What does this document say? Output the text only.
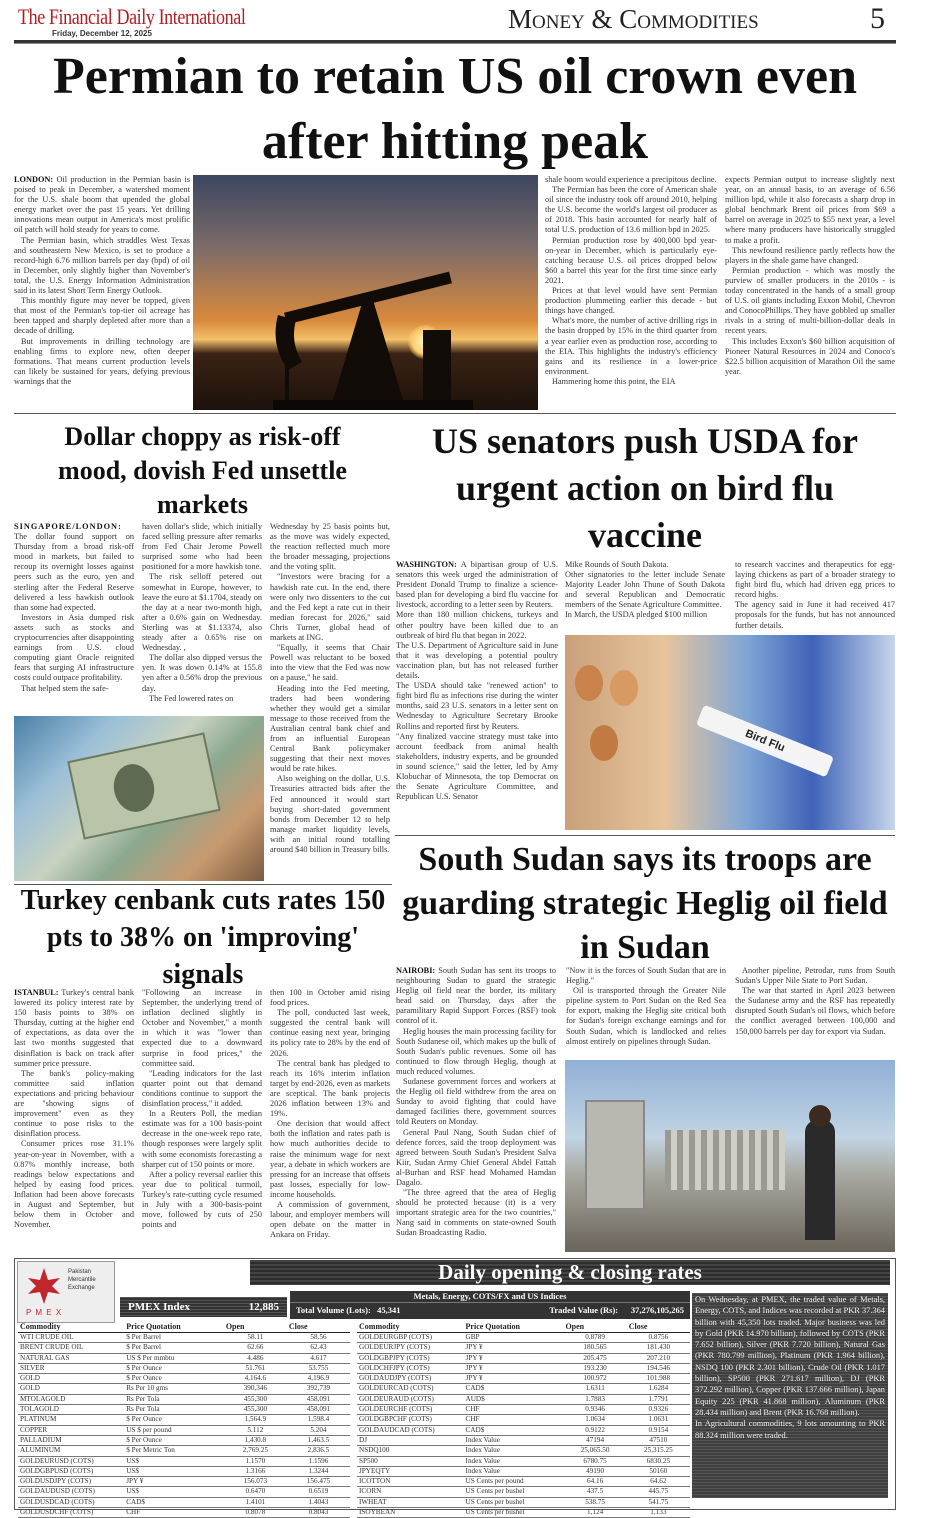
The Financial Daily International
Friday, December 12, 2025	Money & Commodities	5
Permian to retain US oil crown even after hitting peak

LONDON: Oil production in the Permian basin is poised to peak in December, a watershed moment for the U.S. shale boom that upended the global energy market over the past 15 years. Yet drilling innovations mean output in America's most prolific oil patch will hold steady for years to come.

The Permian basin, which straddles West Texas and southeastern New Mexico, is set to produce a record-high 6.76 million barrels per day (bpd) of oil in December, only slightly higher than November's total, the U.S. Energy Information Administration said in its latest Short Term Energy Outlook.

This monthly figure may never be topped, given that most of the Permian's top-tier oil acreage has been tapped and sharply depleted after more than a decade of drilling.

But improvements in drilling technology are enabling firms to explore new, often deeper formations. That means current production levels can likely be sustained for years, defying previous warnings that the

shale boom would experience a precipitous decline.

The Permian has been the core of American shale oil since the industry took off around 2010, helping the U.S. become the world's largest oil producer as of 2018. This basin accounted for nearly half of total U.S. production of 13.6 million bpd in 2025.

Permian production rose by 400,000 bpd year-on-year in December, which is particularly eye-catching because U.S. oil prices dropped below $60 a barrel this year for the first time since early 2021.

Prices at that level would have sent Permian production plummeting earlier this decade - but things have changed.

What's more, the number of active drilling rigs in the basin dropped by 15% in the third quarter from a year earlier even as production rose, according to the EIA. This highlights the industry's efficiency gains and its resilience in a lower-price environment.

Hammering home this point, the EIA

expects Permian output to increase slightly next year, on an annual basis, to an average of 6.56 million bpd, while it also forecasts a sharp drop in global benchmark Brent oil prices from $69 a barrel on average in 2025 to $55 next year, a level where many producers have historically struggled to make a profit.

This newfound resilience partly reflects how the players in the shale game have changed.

Permian production - which was mostly the purview of smaller producers in the 2010s - is today concentrated in the hands of a small group of U.S. oil giants including Exxon Mobil, Chevron and ConocoPhillips. They have gobbled up smaller rivals in a string of multi-billion-dollar deals in recent years.

This includes Exxon's $60 billion acquisition of Pioneer Natural Resources in 2024 and Conoco's $22.5 billion acquisition of Marathon Oil the same year.

Dollar choppy as risk-off mood, dovish Fed unsettle markets

SINGAPORE/LONDON: The dollar found support on Thursday from a broad risk-off mood in markets, but failed to recoup its overnight losses against peers such as the euro, yen and sterling after the Federal Reserve delivered a less hawkish outlook than some had expected.

Investors in Asia dumped risk assets such as stocks and cryptocurrencies after disappointing earnings from U.S. cloud computing giant Oracle reignited fears that surging AI infrastructure costs could outpace profitability.

That helped stem the safe-

haven dollar's slide, which initially faced selling pressure after remarks from Fed Chair Jerome Powell surprised some who had been positioned for a more hawkish tone.

The risk selloff petered out somewhat in Europe, however, to leave the euro at $1.1704, steady on the day at a near two-month high, after a 0.6% gain on Wednesday. Sterling was at $1.13374, also steady after a 0.65% rise on Wednesday. ,

The dollar also dipped versus the yen. It was down 0.14% at 155.8 yen after a 0.56% drop the previous day.

The Fed lowered rates on

Wednesday by 25 basis points but, as the move was widely expected, the reaction reflected much more the broader messaging, projections and the voting split.

"Investors were bracing for a hawkish rate cut. In the end, there were only two dissenters to the cut and the Fed kept a rate cut in their median forecast for 2026," said Chris Turner, global head of markets at ING.

"Equally, it seems that Chair Powell was reluctant to be boxed into the view that the Fed was now on a pause," he said.

Heading into the Fed meeting, traders had been wondering whether they would get a similar message to those received from the Australian central bank chief and from an influential European Central Bank policymaker suggesting that their next moves would be rate hikes.

Also weighing on the dollar, U.S. Treasuries attracted bids after the Fed announced it would start buying short-dated government bonds from December 12 to help manage market liquidity levels, with an initial round totalling around $40 billion in Treasury bills.

US senators push USDA for urgent action on bird flu vaccine

WASHINGTON: A bipartisan group of U.S. senators this week urged the administration of President Donald Trump to finalize a science-based plan for developing a bird flu vaccine for livestock, according to a letter seen by Reuters.

More than 180 million chickens, turkeys and other poultry have been killed due to an outbreak of bird flu that began in 2022.

The U.S. Department of Agriculture said in June that it was developing a potential poultry vaccination plan, but has not released further details.

The USDA should take "renewed action" to fight bird flu as infections rise during the winter months, said 23 U.S. senators in a letter sent on Wednesday to Agriculture Secretary Brooke Rollins and reported first by Reuters.

"Any finalized vaccine strategy must take into account feedback from animal health stakeholders, industry experts, and be grounded in sound science," said the letter, led by Amy Klobuchar of Minnesota, the top Democrat on the Senate Agriculture Committee, and Republican U.S. Senator

Mike Rounds of South Dakota.

Other signatories to the letter include Senate Majority Leader John Thune of South Dakota and several Republican and Democratic members of the Senate Agriculture Committee.

In March, the USDA pledged $100 million

to research vaccines and therapeutics for egg-laying chickens as part of a broader strategy to fight bird flu, which had driven egg prices to record highs.

The agency said in June it had received 417 proposals for the funds, but has not announced further details.

Bird Flu
Turkey cenbank cuts rates 150 pts to 38% on 'improving' signals

ISTANBUL: Turkey's central bank lowered its policy interest rate by 150 basis points to 38% on Thursday, cutting at the higher end of expectations, as data over the last two months suggested that disinflation is back on track after summer price pressure.

The bank's policy-making committee said inflation expectations and pricing behaviour are "showing signs of improvement" even as they continue to pose risks to the disinflation process.

Consumer prices rose 31.1% year-on-year in November, with a 0.87% monthly increase, both readings below expectations and helped by easing food prices. Inflation had been above forecasts in August and September, but below them in October and November.

"Following an increase in September, the underlying trend of inflation declined slightly in October and November," a month in which it was "lower than expected due to a downward surprise in food prices," the committee said.

"Leading indicators for the last quarter point out that demand conditions continue to support the disinflation process," it added.

In a Reuters Poll, the median estimate was for a 100 basis-point decrease in the one-week repo rate, though responses were largely split with some economists forecasting a sharper cut of 150 points or more.

After a policy reversal earlier this year due to political turmoil, Turkey's rate-cutting cycle resumed in July with a 300-basis-point move, followed by cuts of 250 points and

then 100 in October amid rising food prices.

The poll, conducted last week, suggested the central bank will continue easing next year, bringing its policy rate to 28% by the end of 2026.

The central bank has pledged to reach its 16% interim inflation target by end-2026, even as markets are sceptical. The bank projects 2026 inflation between 13% and 19%.

One decision that would affect both the inflation and rates path is how much authorities decide to raise the minimum wage for next year, a debate in which workers are pressing for an increase that offsets past losses, especially for low-income households.

A commission of government, labour, and employer members will open debate on the matter in Ankara on Friday.

South Sudan says its troops are guarding strategic Heglig oil field in Sudan

NAIROBI: South Sudan has sent its troops to neighbouring Sudan to guard the strategic Heglig oil field near the border, its military head said on Thursday, days after the paramilitary Rapid Support Forces (RSF) took control of it.

Heglig houses the main processing facility for South Sudanese oil, which makes up the bulk of South Sudan's public revenues. Some oil has continued to flow through Heglig, though at much reduced volumes.

Sudanese government forces and workers at the Heglig oil field withdrew from the area on Sunday to avoid fighting that could have damaged facilities there, government sources told Reuters on Monday.

General Paul Nang, South Sudan chief of defence forces, said the troop deployment was agreed between South Sudan's President Salva Kiir, Sudan Army Chief General Abdel Fattah al-Burhan and RSF head Mohamed Hamdan Dagalo.

"The three agreed that the area of Heglig should be protected because (it) is a very important strategic area for the two countries," Nang said in comments on state-owned South Sudan Broadcasting Radio.

"Now it is the forces of South Sudan that are in Heglig."

Oil is transported through the Greater Nile pipeline system to Port Sudan on the Red Sea for export, making the Heglig site critical both for Sudan's foreign exchange earnings and for South Sudan, which is landlocked and relies almost entirely on pipelines through Sudan.

Another pipeline, Petrodar, runs from South Sudan's Upper Nile State to Port Sudan.

The war that started in April 2023 between the Sudanese army and the RSF has repeatedly disrupted South Sudan's oil flows, which before the conflict averaged between 100,000 and 150,000 barrels per day for export via Sudan.

Daily opening & closing rates
Pakistan
Mercantile
Exchange
P M E X	PMEX Index	12,885
Metals, Energy, COTS/FX and US Indices
Total Volume (Lots): 45,341	Traded Value (Rs): 37,276,105,265
Commodity	Price Quotation	Open	Close
WTI CRUDE OIL	$ Per Barrel	58.11	58.56
BRENT CRUDE OIL	$ Per Barrel	62.66	62.43
NATURAL GAS	US $ Per mmbtu	4.486	4.617
SILVER	$ Per Ounce	51.761	53.755
GOLD	$ Per Ounce	4,164.6	4,196.9
GOLD	Rs Per 10 gms	390,346	392,739
MTOLAGOLD	Rs Per Tola	455,300	458,091
TOLAGOLD	Rs Per Tola	455,300	458,091
PLATINUM	$ Per Ounce	1,564.9	1,598.4
COPPER	US $ per pound	5.112	5.204
PALLADIUM	$ Per Ounce	1,430.8	1,463.5
ALUMINUM	$ Per Metric Ton	2,769.25	2,836.5
GOLDEURUSD (COTS)	US$	1.1570	1.1596
GOLDGBPUSD (COTS)	US$	1.3166	1.3244
GOLDUSDJPY (COTS)	JPY ¥	156.073	156.475
GOLDAUDUSD (COTS)	US$	0.6470	0.6519
GOLDUSDCAD (COTS)	CAD$	1.4101	1.4043
GOLDUSDCHF (COTS)	CHF	0.8078	0.8043
Commodity	Price Quotation	Open	Close
GOLDEURGBP (COTS)	GBP	0.8789	0.8756
GOLDEURJPY (COTS)	JPY ¥	180.565	181.430
GOLDGBPJPY (COTS)	JPY ¥	205.475	207.210
GOLDCHFJPY (COTS)	JPY ¥	193.230	194.546
GOLDAUDJPY (COTS)	JPY ¥	100.972	101.988
GOLDEURCAD (COTS)	CAD$	1.6311	1.6284
GOLDEURAUD (COTS)	AUD$	1.7883	1.7791
GOLDEURCHF (COTS)	CHF	0.9346	0.9326
GOLDGBPCHF (COTS)	CHF	1.0634	1.0631
GOLDAUDCAD (COTS)	CAD$	0.9122	0.9154
DJ	Index Value	47194	47510
NSDQ100	Index Value	25,065.50	25,315.25
SP500	Index Value	6780.75	6830.25
JPYEQTY	Index Value	49190	50160
ICOTTON	US Cents per pound	64.16	64.62
ICORN	US Cents per bushel	437.5	445.75
IWHEAT	US Cents per bushel	538.75	541.75
ISOYBEAN	US Cents per bushel	1,124	1,133

On Wednesday, at PMEX, the traded value of Metals, Energy, COTS, and Indices was recorded at PKR 37.364 billion with 45,350 lots traded. Major business was led by Gold (PKR 14.970 billion), followed by COTS (PKR 7.652 billion), Silver (PKR 7.720 billion), Natural Gas (PKR 780.799 million), Platinum (PKR 1.964 billion), NSDQ 100 (PKR 2.301 billion), Crude Oil (PKR 1.017 billion), SP500 (PKR 271.617 million), DJ (PKR 372.292 million), Copper (PKR 137.666 million), Japan Equity 225 (PKR 41.868 million), Aluminum (PKR 28.434 million) and Brent (PKR 16.768 million).

In Agricultural commodities, 9 lots amounting to PKR 88.324 million were traded.
